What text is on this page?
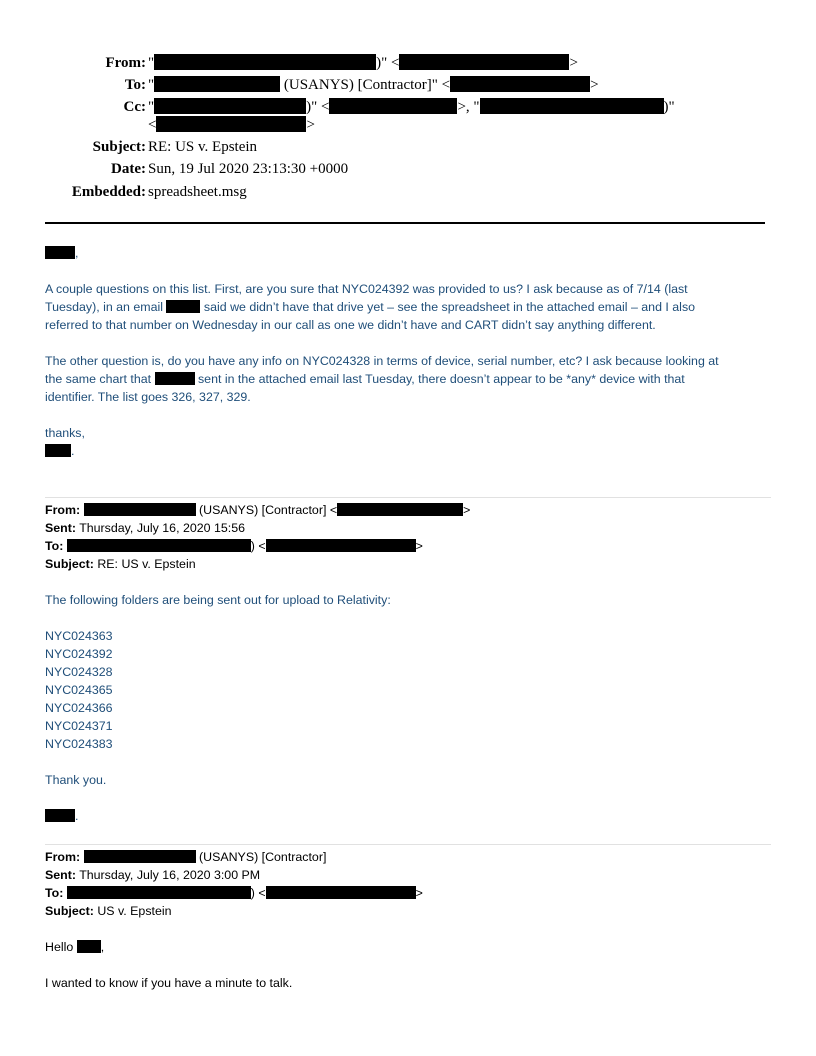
From: "	)" <	>
To: "	(USANYS) [Contractor]" <	>
Cc: "	)" <	>, "	)"
<	>
Subject: RE: US v. Epstein
Date: Sun, 19 Jul 2020 23:13:30 +0000
Embedded: spreadsheet.msg
,
A couple questions on this list. First, are you sure that NYC024392 was provided to us? I ask because as of 7/14 (last
Tuesday), in an email	said we didn’t have that drive yet – see the spreadsheet in the attached email – and I also
referred to that number on Wednesday in our call as one we didn’t have and CART didn’t say anything different.
The other question is, do you have any info on NYC024328 in terms of device, serial number, etc? I ask because looking at
the same chart that	sent in the attached email last Tuesday, there doesn’t appear to be *any* device with that
identifier. The list goes 326, 327, 329.
thanks,
.
From:	(USANYS) [Contractor] <	>
Sent: Thursday, July 16, 2020 15:56
To:	) <	>
Subject: RE: US v. Epstein
The following folders are being sent out for upload to Relativity:
NYC024363
NYC024392
NYC024328
NYC024365
NYC024366
NYC024371
NYC024383
Thank you.
.
From:	(USANYS) [Contractor]
Sent: Thursday, July 16, 2020 3:00 PM
To:	) <	>
Subject: US v. Epstein
Hello ,
I wanted to know if you have a minute to talk.
